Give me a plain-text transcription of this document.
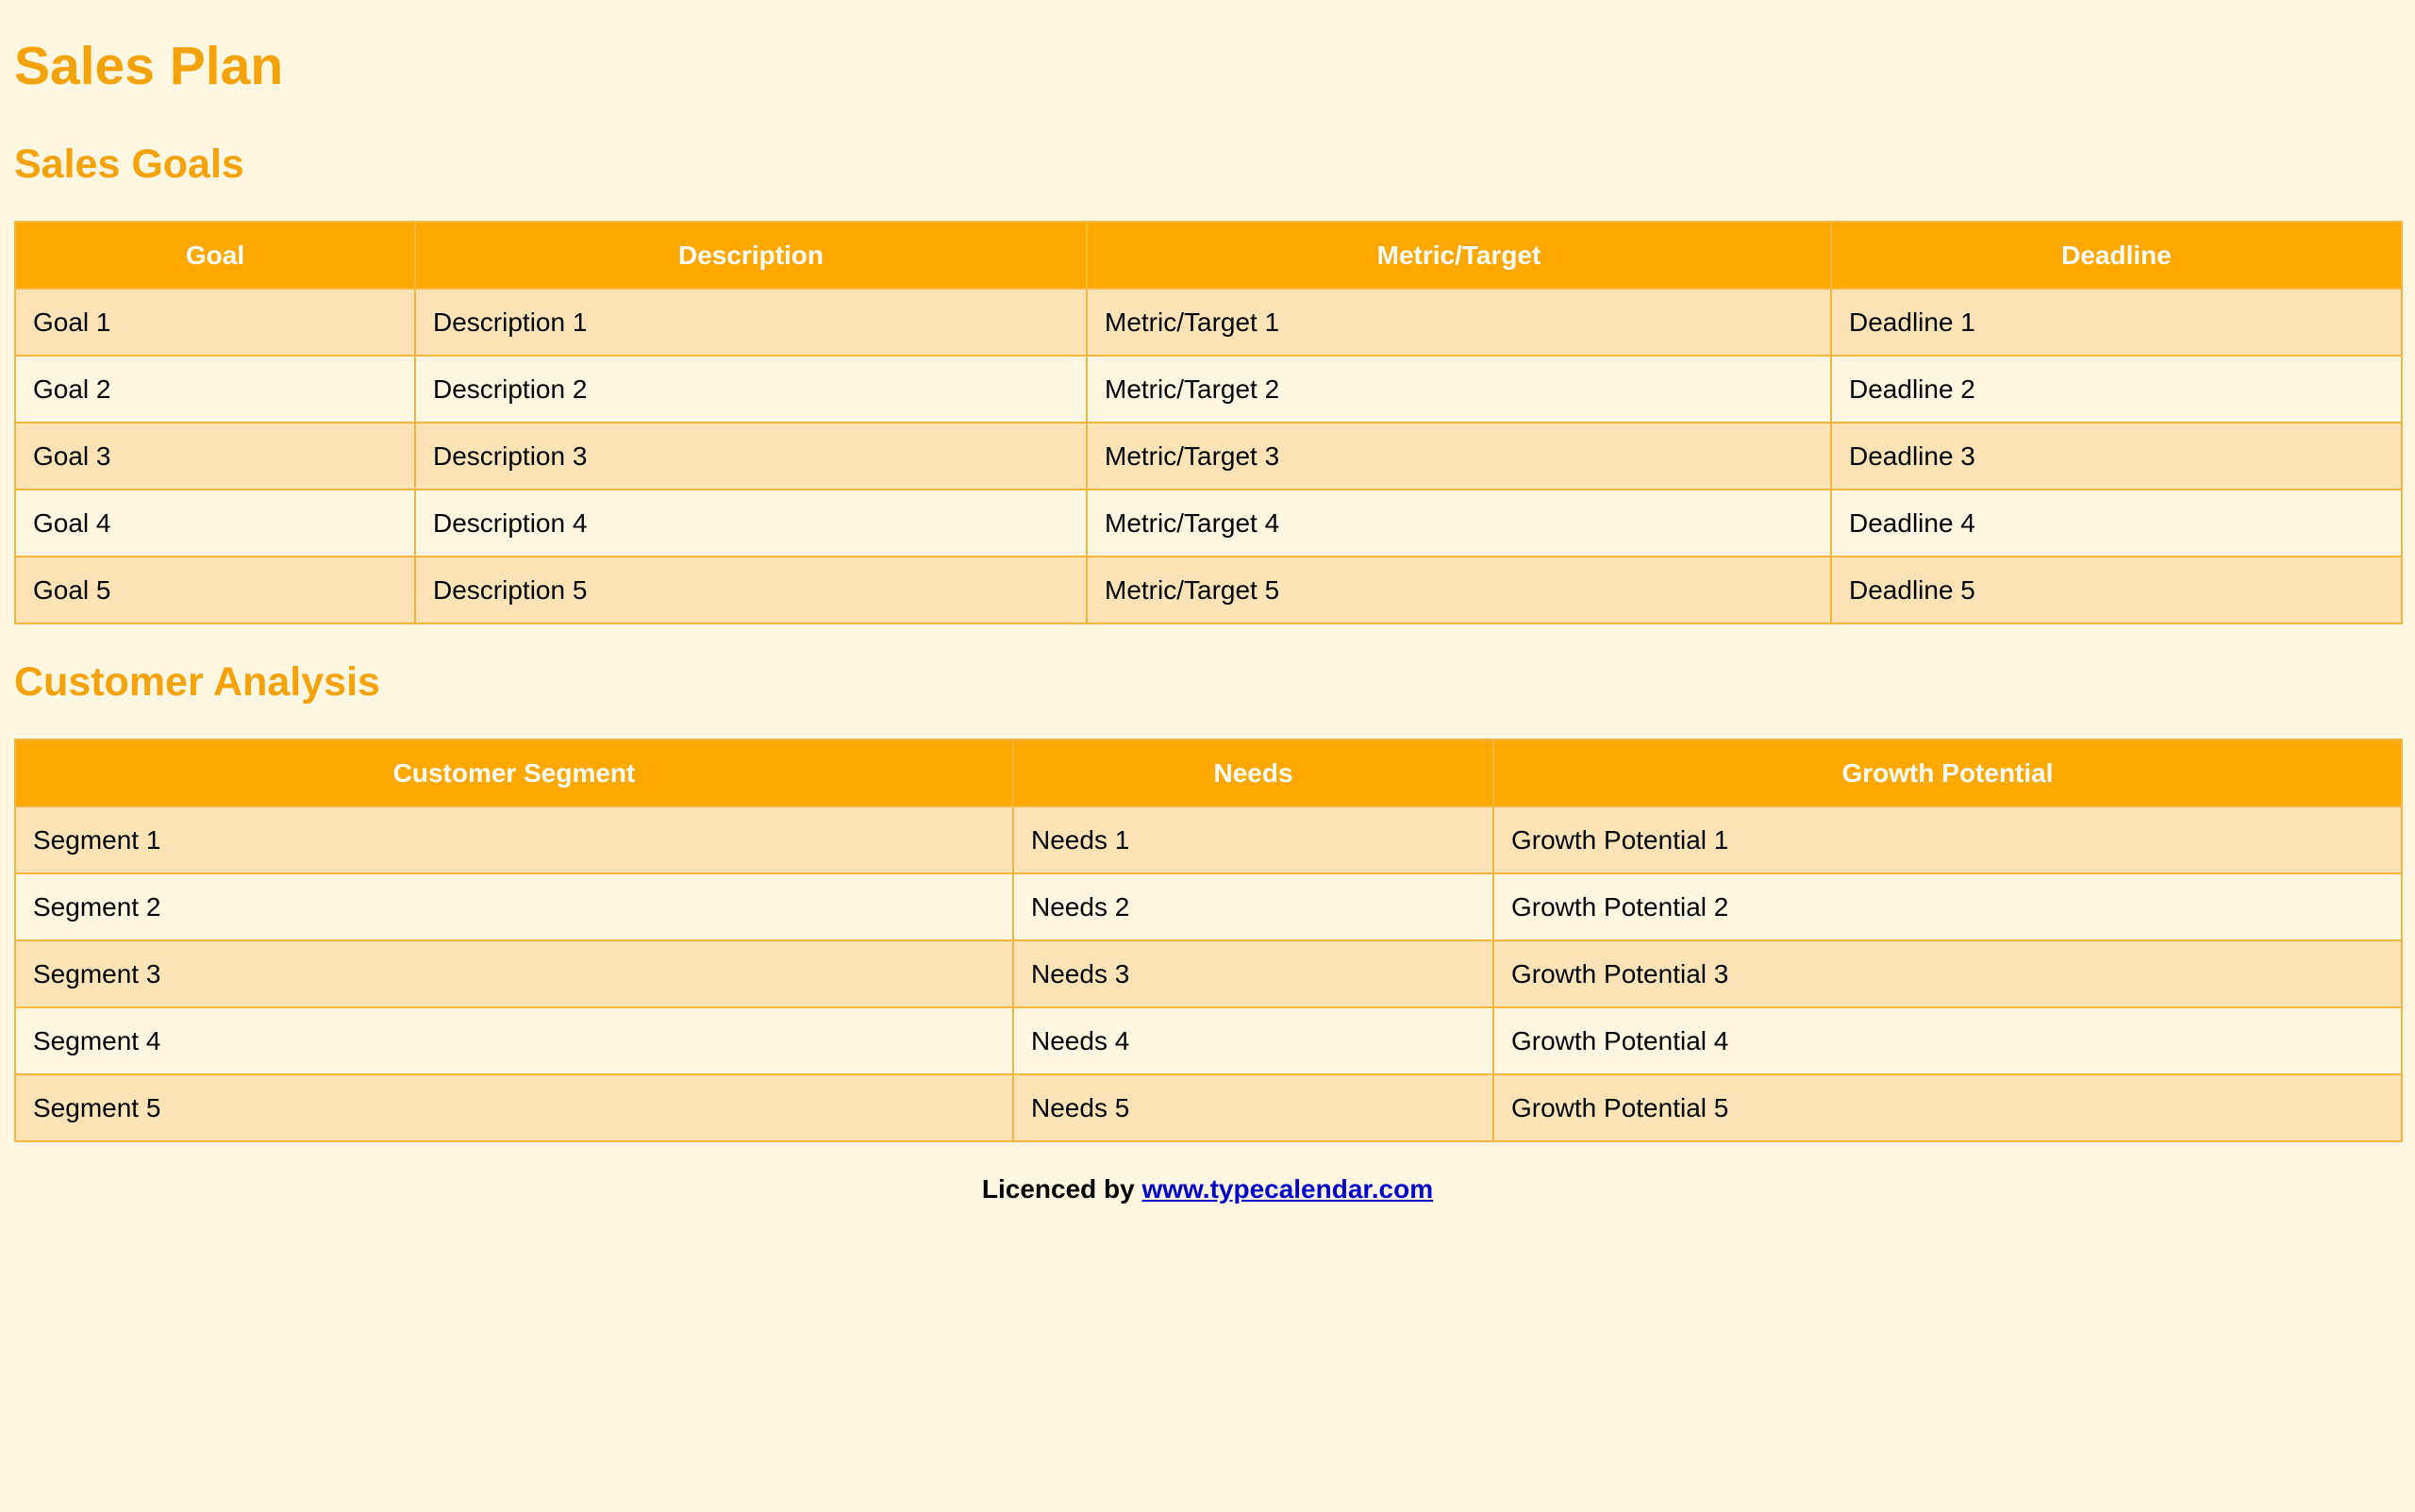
Sales Plan
Sales Goals
Goal	Description	Metric/Target	Deadline
Goal 1	Description 1	Metric/Target 1	Deadline 1
Goal 2	Description 2	Metric/Target 2	Deadline 2
Goal 3	Description 3	Metric/Target 3	Deadline 3
Goal 4	Description 4	Metric/Target 4	Deadline 4
Goal 5	Description 5	Metric/Target 5	Deadline 5
Customer Analysis
Customer Segment	Needs	Growth Potential
Segment 1	Needs 1	Growth Potential 1
Segment 2	Needs 2	Growth Potential 2
Segment 3	Needs 3	Growth Potential 3
Segment 4	Needs 4	Growth Potential 4
Segment 5	Needs 5	Growth Potential 5
Licenced by www.typecalendar.com
